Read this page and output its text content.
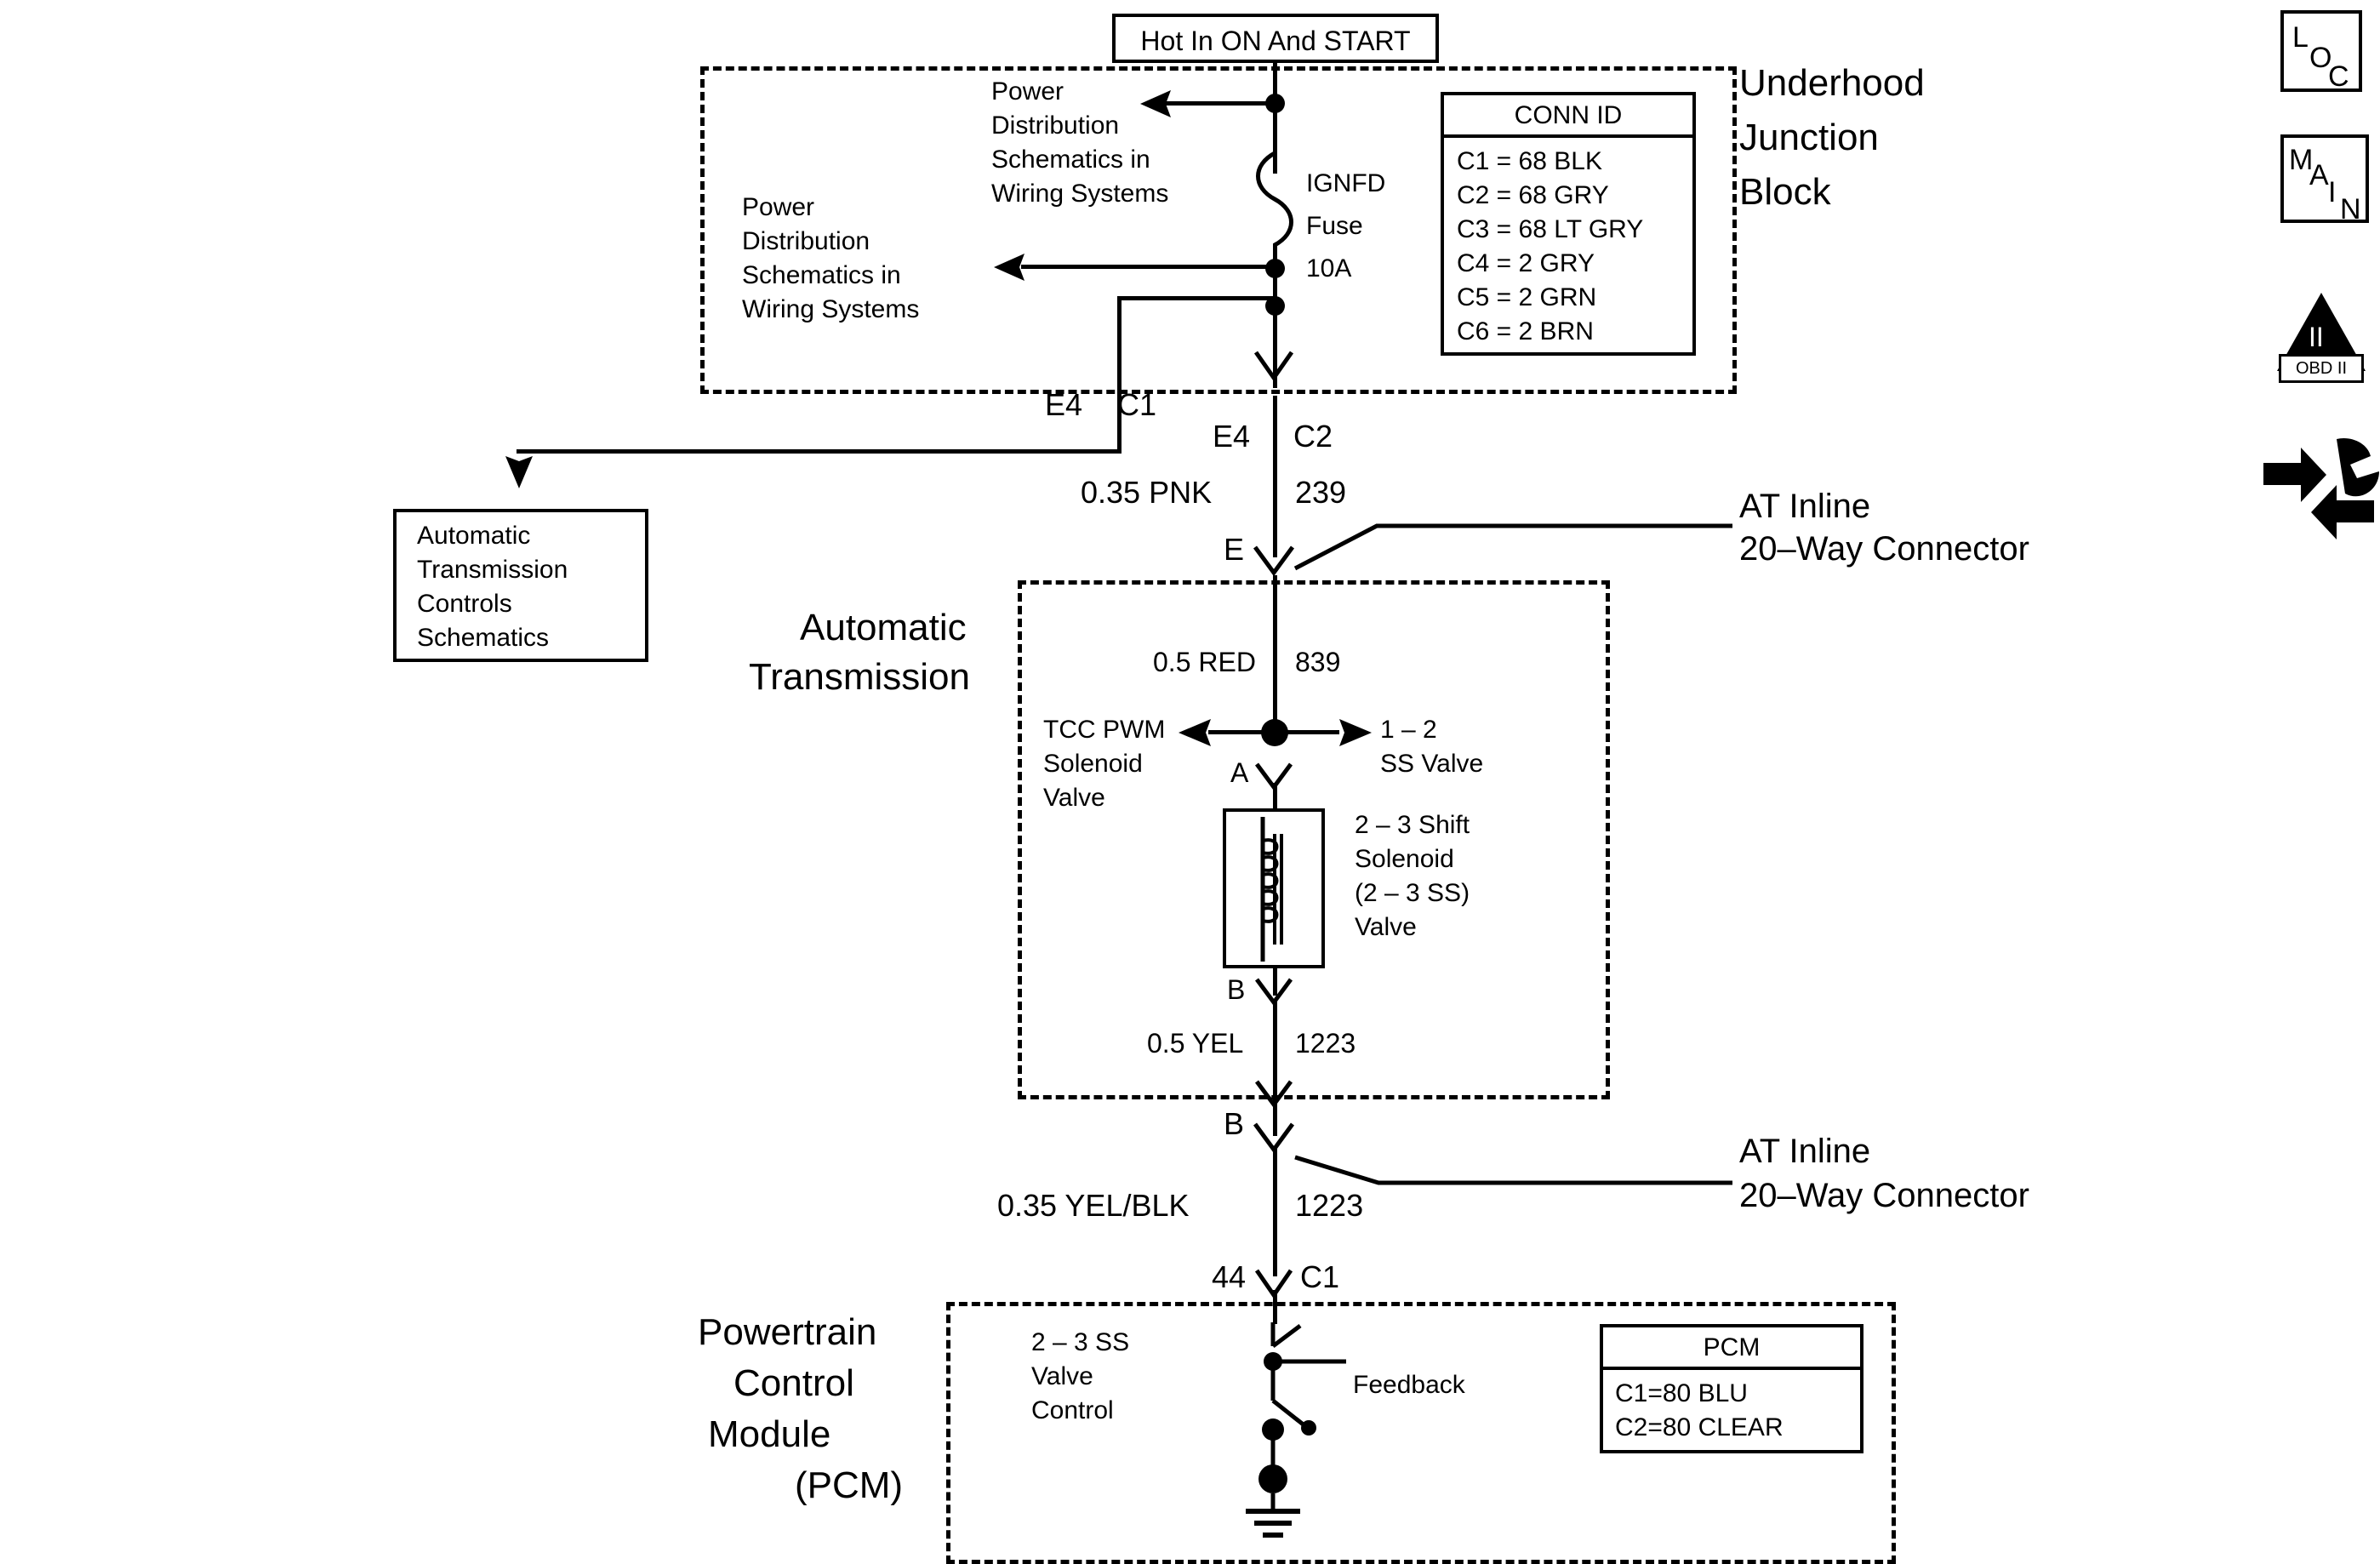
Hot In ON And START
Underhood
Junction
Block
IGNFD
Fuse
10A
Power
Distribution
Schematics in
Wiring Systems
Power
Distribution
Schematics in
Wiring Systems
CONN ID
C1 = 68 BLK
C2 = 68 GRY
C3 = 68 LT GRY
C4 = 2 GRY
C5 = 2 GRN
C6 = 2 BRN
E4 C1
Automatic
Transmission
Controls
Schematics
E4 C2
0.35 PNK	239
E
AT Inline
20–Way Connector
Automatic
Transmission	0.5 RED 839
TCC PWM
Solenoid
Valve
1 – 2
SS Valve
A
2 – 3 Shift
Solenoid
(2 – 3 SS)
Valve
B
0.5 YEL 1223
B
AT Inline
20–Way Connector
0.35 YEL/BLK	1223
44 C1
Powertrain
Control
Module
(PCM)
2 – 3 SS
Valve
Control
Feedback
PCM
C1=80 BLU
C2=80 CLEAR
L
O
C
M
A
I
N
II
OBD II
